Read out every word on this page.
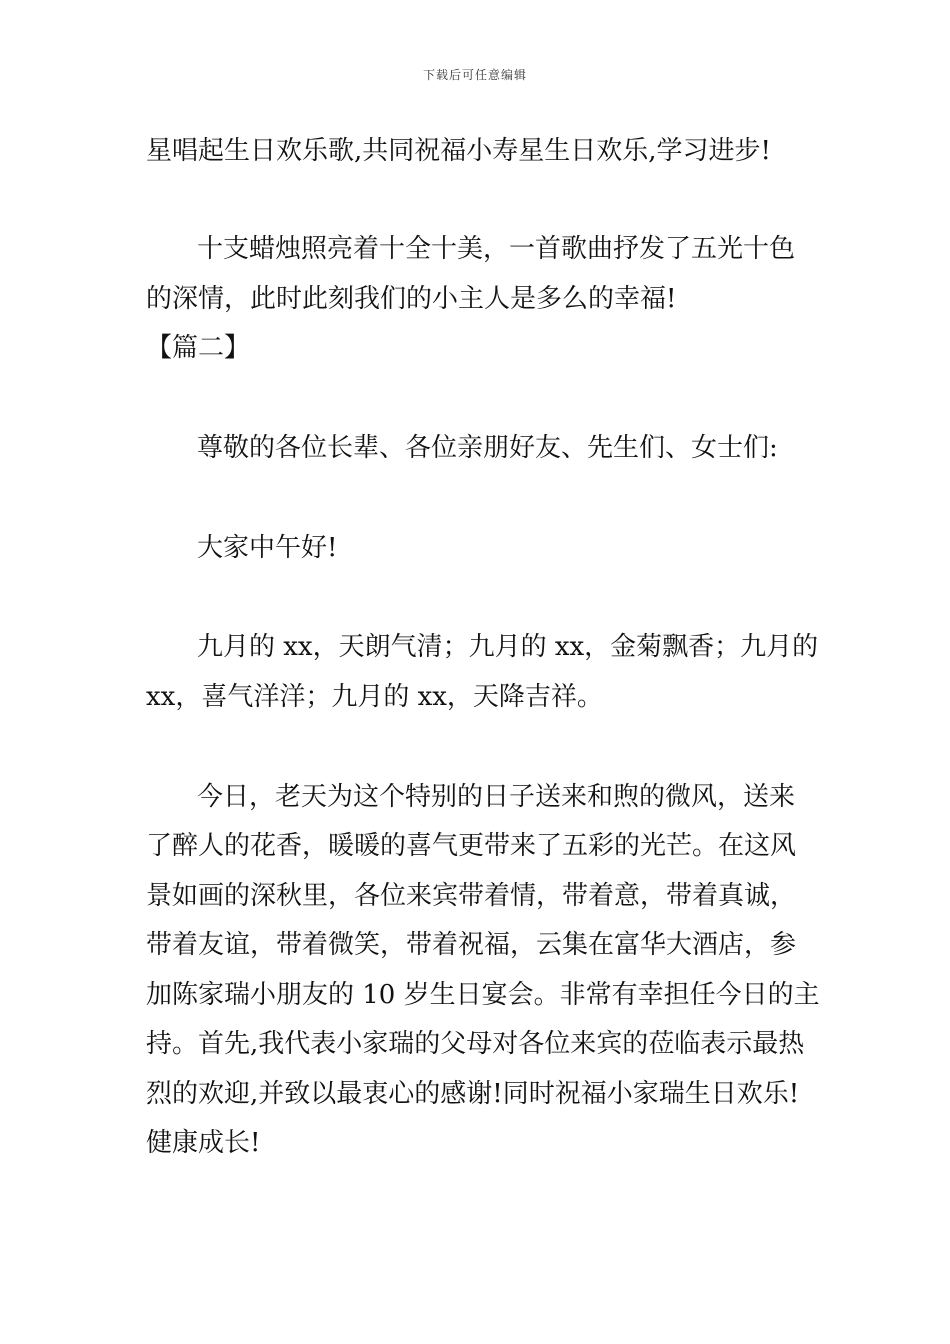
下载后可任意编辑
星唱起生日欢乐歌,共同祝福小寿星生日欢乐,学习进步!
十支蜡烛照亮着十全十美，一首歌曲抒发了五光十色
的深情，此时此刻我们的小主人是多么的幸福!
【篇二】
尊敬的各位长辈、各位亲朋好友、先生们、女士们:
大家中午好!
九月的 xx，天朗气清；九月的 xx，金菊飘香；九月的
xx，喜气洋洋；九月的 xx，天降吉祥。
今日，老天为这个特别的日子送来和煦的微风，送来
了醉人的花香，暖暖的喜气更带来了五彩的光芒。在这风
景如画的深秋里，各位来宾带着情，带着意，带着真诚，
带着友谊，带着微笑，带着祝福，云集在富华大酒店，参
加陈家瑞小朋友的 10 岁生日宴会。非常有幸担任今日的主
持。首先,我代表小家瑞的父母对各位来宾的莅临表示最热
烈的欢迎,并致以最衷心的感谢!同时祝福小家瑞生日欢乐!
健康成长!
